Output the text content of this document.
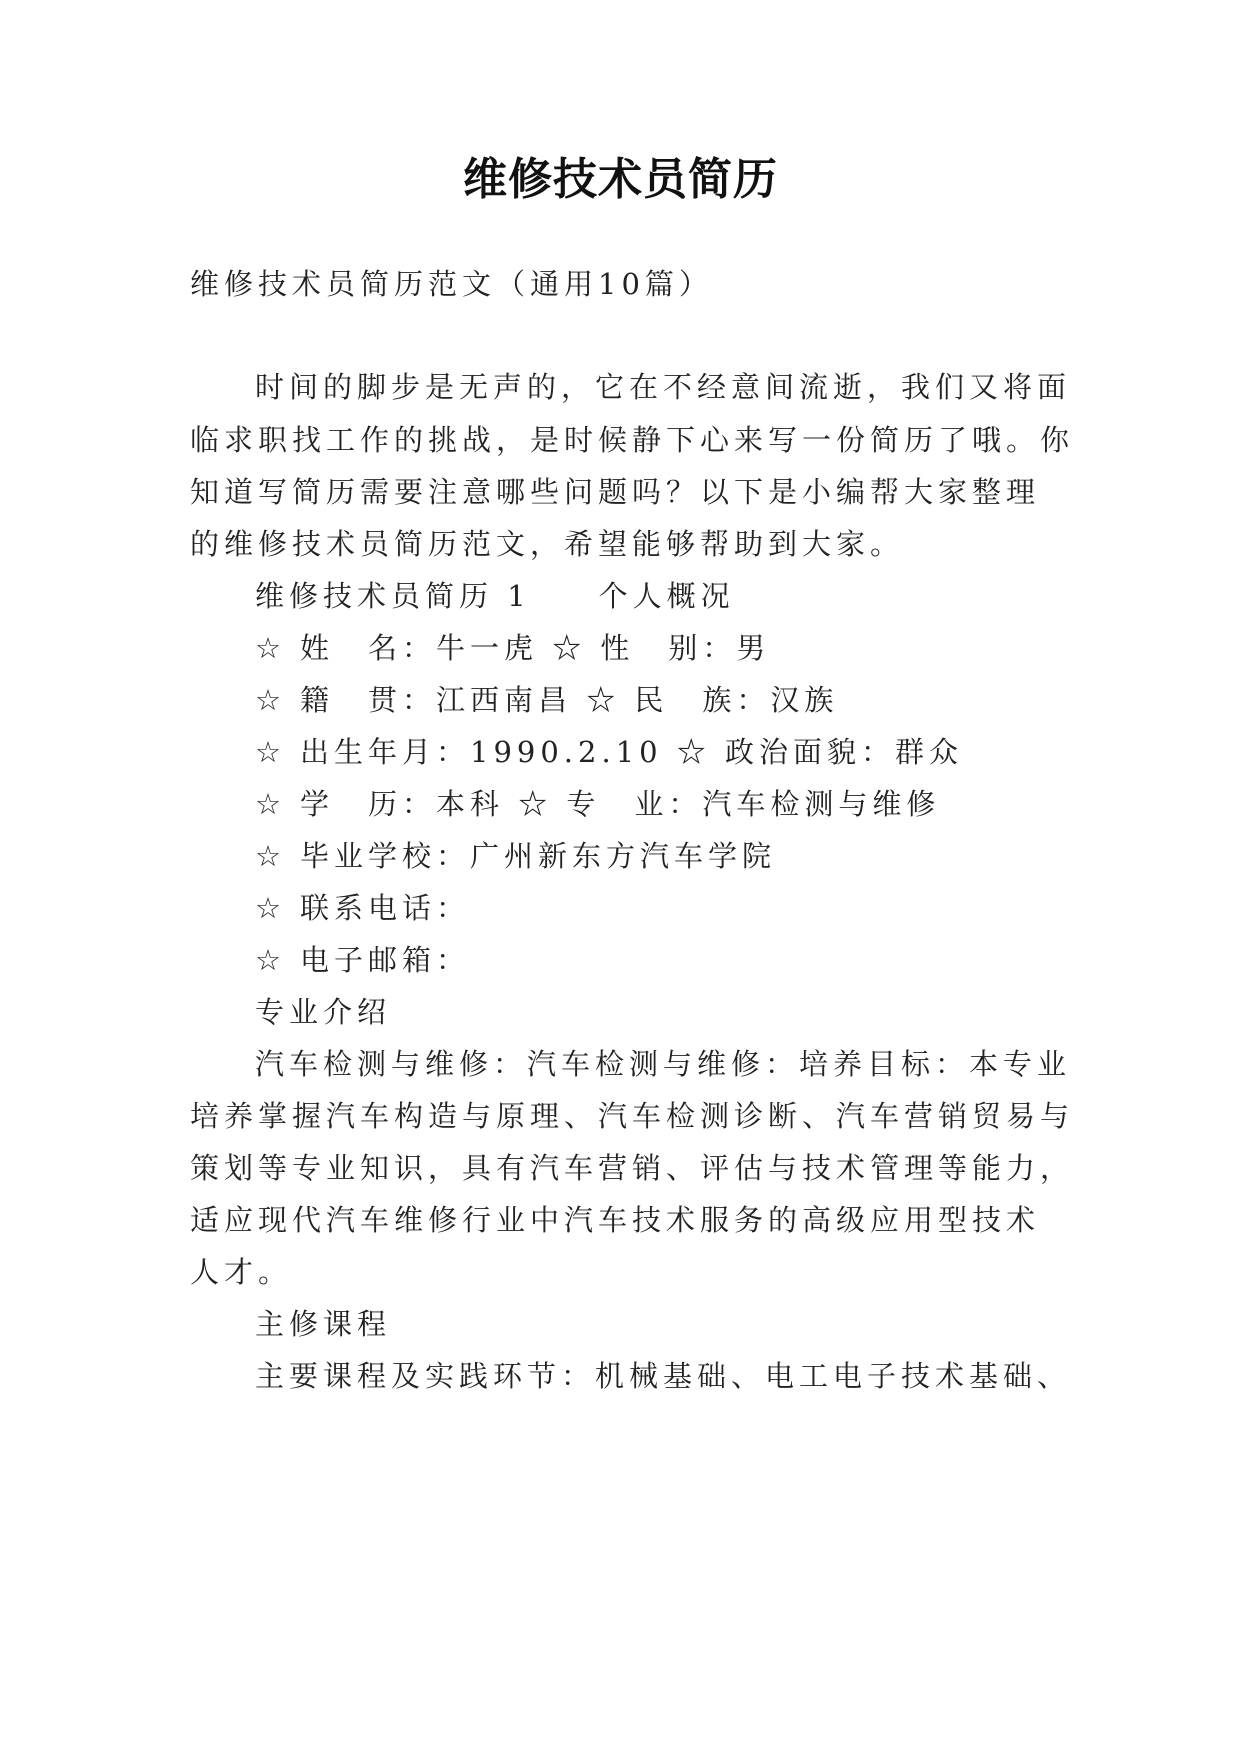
维修技术员简历
维修技术员简历范文（通用10篇）
时间的脚步是无声的，它在不经意间流逝，我们又将面
临求职找工作的挑战，是时候静下心来写一份简历了哦。你
知道写简历需要注意哪些问题吗？以下是小编帮大家整理
的维修技术员简历范文，希望能够帮助到大家。
维修技术员简历 1　　个人概况
☆ 姓　名：牛一虎 ☆ 性　别：男
☆ 籍　贯：江西南昌 ☆ 民　族：汉族
☆ 出生年月：1990.2.10 ☆ 政治面貌：群众
☆ 学　历：本科 ☆ 专　业：汽车检测与维修
☆ 毕业学校：广州新东方汽车学院
☆ 联系电话：
☆ 电子邮箱：
专业介绍
汽车检测与维修：汽车检测与维修：培养目标：本专业
培养掌握汽车构造与原理、汽车检测诊断、汽车营销贸易与
策划等专业知识，具有汽车营销、评估与技术管理等能力，
适应现代汽车维修行业中汽车技术服务的高级应用型技术
人才。
主修课程
主要课程及实践环节：机械基础、电工电子技术基础、
